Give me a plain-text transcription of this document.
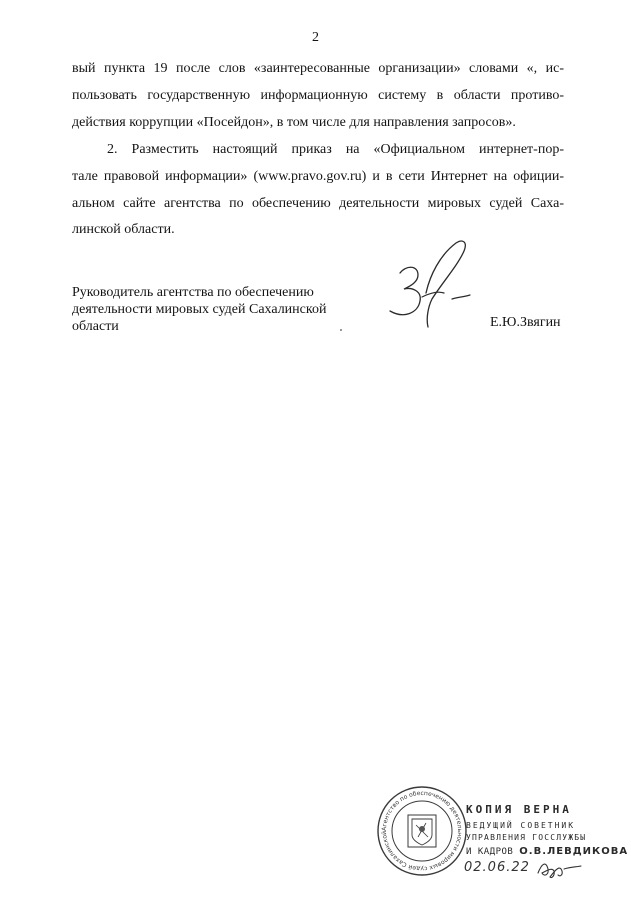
2
вый пункта 19 после слов «заинтересованные организации» словами «, ис-
пользовать государственную информационную систему в области противо-
действия коррупции «Посейдон», в том числе для направления запросов».
2. Разместить настоящий приказ на «Официальном интернет-пор-
тале правовой информации» (www.pravo.gov.ru) и в сети Интернет на официи-
альном сайте агентства по обеспечению деятельности мировых судей Саха-
линской области.
Руководитель агентства по обеспечению
деятельности мировых судей Сахалинской
области	Е.Ю.Звягин
Агентство по обеспечению деятельности мировых судей Сахалинской
КОПИЯ ВЕРНА
ВЕДУЩИЙ СОВЕТНИК
УПРАВЛЕНИЯ ГОССЛУЖБЫ
И КАДРОВ О.В.ЛЕВДИКОВА
02.06.22
